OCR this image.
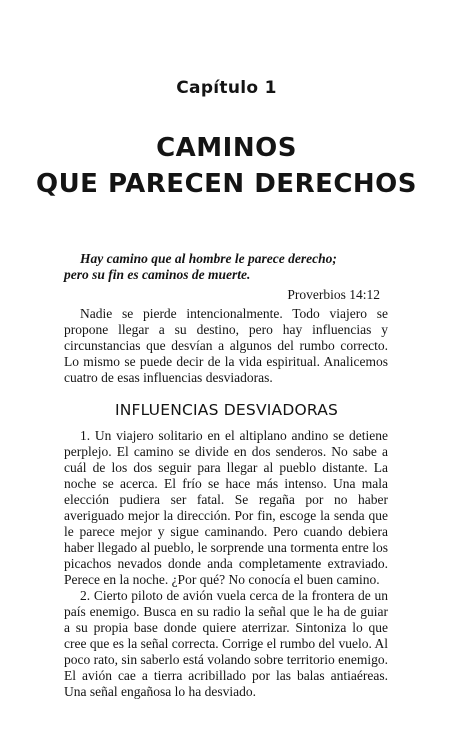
Capítulo 1
CAMINOS
QUE PARECEN DERECHOS
Hay camino que al hombre le parece derecho;
pero su fin es caminos de muerte.
Proverbios 14:12

Nadie se pierde intencionalmente. Todo viajero se propone llegar a su destino, pero hay influencias y circunstancias que desvían a algunos del rumbo correcto. Lo mismo se puede decir de la vida espiritual. Analicemos cuatro de esas influencias desviadoras.

INFLUENCIAS DESVIADORAS

1. Un viajero solitario en el altiplano andino se detiene perplejo. El camino se divide en dos senderos. No sabe a cuál de los dos seguir para llegar al pueblo distante. La noche se acerca. El frío se hace más intenso. Una mala elección pudiera ser fatal. Se regaña por no haber averiguado mejor la dirección. Por fin, escoge la senda que le parece mejor y sigue caminando. Pero cuando debiera haber llegado al pueblo, le sorprende una tormenta entre los picachos nevados donde anda completamente extraviado. Perece en la noche. ¿Por qué? No conocía el buen camino.

2. Cierto piloto de avión vuela cerca de la frontera de un país enemigo. Busca en su radio la señal que le ha de guiar a su propia base donde quiere aterrizar. Sintoniza lo que cree que es la señal correcta. Corrige el rumbo del vuelo. Al poco rato, sin saberlo está volando sobre territorio enemigo. El avión cae a tierra acribillado por las balas antiaéreas. Una señal engañosa lo ha desviado.
